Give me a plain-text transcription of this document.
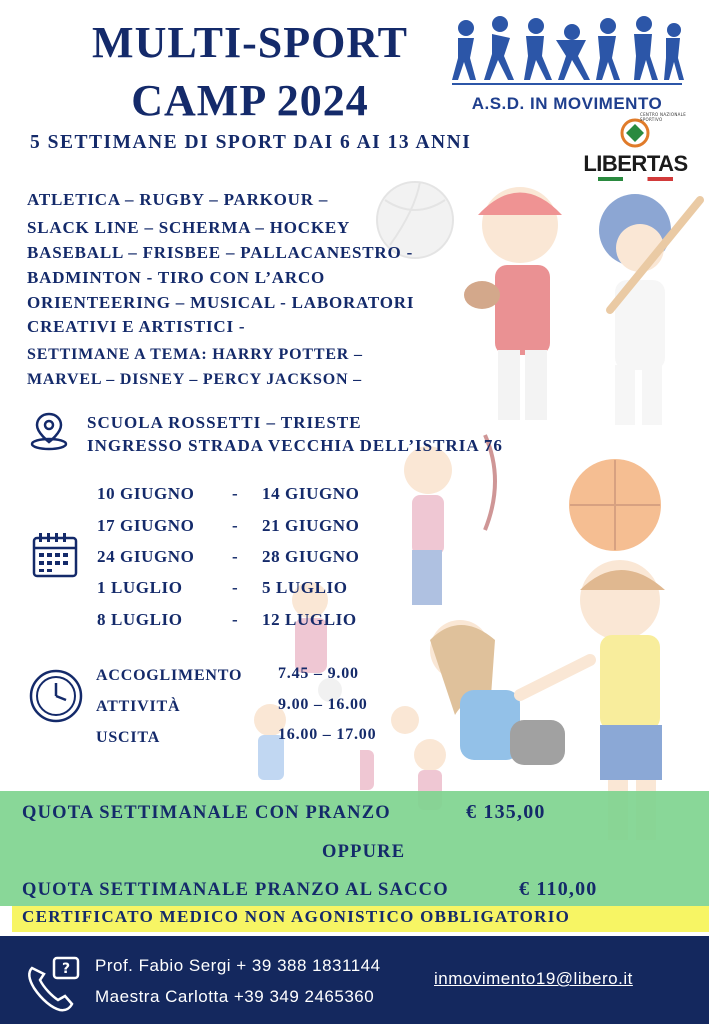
MULTI-SPORT
CAMP 2024	A.S.D. IN MOVIMENTO
CENTRO NAZIONALE SPORTIVO
LIBERTAS
5 SETTIMANE DI SPORT DAI 6 AI 13 ANNI
ATLETICA – RUGBY – PARKOUR –
SLACK LINE – SCHERMA – HOCKEY
BASEBALL – FRISBEE – PALLACANESTRO -
BADMINTON - TIRO CON L’ARCO
ORIENTEERING – MUSICAL - LABORATORI
CREATIVI E ARTISTICI -
SETTIMANE A TEMA: HARRY POTTER –
MARVEL – DISNEY – PERCY JACKSON –
SCUOLA ROSSETTI – TRIESTE
INGRESSO STRADA VECCHIA DELL’ISTRIA 76
10 GIUGNO - 14 GIUGNO
17 GIUGNO - 21 GIUGNO
24 GIUGNO - 28 GIUGNO
1 LUGLIO	- 5 LUGLIO
8 LUGLIO	- 12 LUGLIO
ACCOGLIMENTO 7.45 – 9.00
ATTIVITÀ	9.00 – 16.00
USCITA	16.00 – 17.00
QUOTA SETTIMANALE CON PRANZO	€ 135,00
OPPURE
QUOTA SETTIMANALE PRANZO AL SACCO	€ 110,00
CERTIFICATO MEDICO NON AGONISTICO OBBLIGATORIO
? Prof. Fabio Sergi + 39 388 1831144
Maestra Carlotta +39 349 2465360
inmovimento19@libero.it
